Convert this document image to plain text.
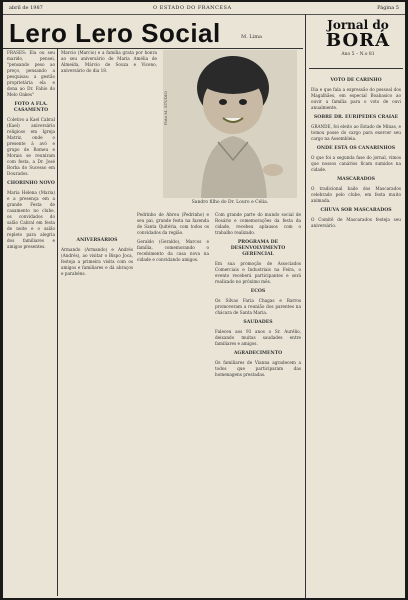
abril de 1987	O ESTADO DO FRANCESA	Página 5
Lero Lero Social	M. Lima

FRASES: Ela ou seu marido, pensei, "pensando peso ao preço, pensando a pesquisas: a gestão proprietária ela e dona ao Dr. Fabio do Melo Oakes"

FOTO A FLA. CASAMENTO

Coletivo a Kael Cabral (Kael) aniversário religioso em Igreja Matriz, onde o presente á avó e grupo de Romeu e Morais se reuniram com festa, a Dr. José Borba do Sucesso em Dourados.

CHORINHO NOVO

Maria Helena (Maria) e a presença em a grande Festa de casamento no clube, os convidados do salão Cabral em festa de noite e o salão repleto para alegria dos familiares e amigos presentes.

Marcio (Marcio) e a família grata por honra ao seu aniversário de Maria Amélia de Almeida, Márcio de Souza e Viceno, aniversário do dia 18.

Foto M. STUDIO
Sandro filho do Dr. Louro e Célia.
ANIVERSÁRIOS

Armando (Armando) e Andrés (Andrés), ao visitar o Bispo Joca, festeja a primeira visita com os amigos e familiares e dá abraços e parabéns.

Pedrinho de Abreu (Pedrinho) e seu pai, grande festa na fazenda de Santa Quitéria, com todos os convidados da região.

Geraldo (Geraldo), Marcos e família, comemorando o recebimento da casa nova na cidade e convidando amigos.

Com grande parte do mundo social de Rosário e comemorações da festa da cidade, recebeu aplausos com o trabalho realizado.

PROGRAMA DE DESENVOLVIMENTO GERENCIAL

Em sua promoção de Associados Comerciais e Industriais na Feira, o evento receberá participantes e será realizado no próximo mês.

ECOS

Os Silvas Faria Chagas e Barros promoveram a reunião dos parentes na chácara de Santa Maria.

SAUDADES

Faleceu aos 93 anos o Sr. Aurélio, deixando muitas saudades entre familiares e amigos.

AGRADECIMENTO

Os familiares de Vianna agradecem a todos que participaram das homenagens prestadas.

Jornal do
BORÁ
Ano 5 – N.o 81
VOTO DE CARINHO

Dia e que fala a expressão do pessoal dos Magalhães, em especial Boabasico ao ouvir a família para o voto de ouvi anualmente.

SOBRE DR. EURIPEDES CRAIAE

GRANDE, foi eleito ao Estado de Minas, e tomou posse do cargo para exercer seu cargo na Assembleia.

ONDE ESTÁ OS CANARINHOS

O que foi a segunda fase do jornal, vimos que nossos canários ficam sumidos na cidade.

MASCARADOS

O tradicional baile dos Mascarados celebrado pelo clube, em festa muito animada.

CHUVA SOB MASCARADOS

O Comitê de Mascarados festeja seu aniversário.
